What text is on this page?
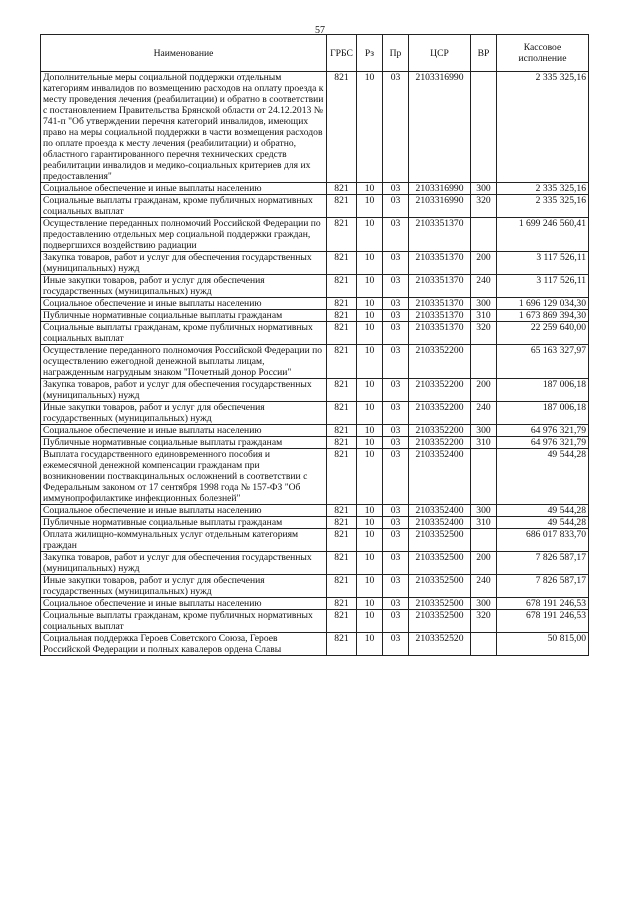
57
Наименование	ГРБС	Рз	Пр	ЦСР	ВР	Кассовое исполнение
Дополнительные меры социальной поддержки отдельным категориям инвалидов по возмещению расходов на оплату проезда к месту проведения лечения (реабилитации) и обратно в соответствии с постановлением Правительства Брянской области от 24.12.2013 № 741-п "Об утверждении перечня категорий инвалидов, имеющих право на меры социальной поддержки в части возмещения расходов по оплате проезда к месту лечения (реабилитации) и обратно, областного гарантированного перечня технических средств реабилитации инвалидов и медико-социальных критериев для их предоставления"	821	10	03	2103316990		2 335 325,16
Социальное обеспечение и иные выплаты населению	821	10	03	2103316990	300	2 335 325,16
Социальные выплаты гражданам, кроме публичных нормативных социальных выплат	821	10	03	2103316990	320	2 335 325,16
Осуществление переданных полномочий Российской Федерации по предоставлению отдельных мер социальной поддержки граждан, подвергшихся воздействию радиации	821	10	03	2103351370		1 699 246 560,41
Закупка товаров, работ и услуг для обеспечения государственных (муниципальных) нужд	821	10	03	2103351370	200	3 117 526,11
Иные закупки товаров, работ и услуг для обеспечения государственных (муниципальных) нужд	821	10	03	2103351370	240	3 117 526,11
Социальное обеспечение и иные выплаты населению	821	10	03	2103351370	300	1 696 129 034,30
Публичные нормативные социальные выплаты гражданам	821	10	03	2103351370	310	1 673 869 394,30
Социальные выплаты гражданам, кроме публичных нормативных социальных выплат	821	10	03	2103351370	320	22 259 640,00
Осуществление переданного полномочия Российской Федерации по осуществлению ежегодной денежной выплаты лицам, награжденным нагрудным знаком "Почетный донор России"	821	10	03	2103352200		65 163 327,97
Закупка товаров, работ и услуг для обеспечения государственных (муниципальных) нужд	821	10	03	2103352200	200	187 006,18
Иные закупки товаров, работ и услуг для обеспечения государственных (муниципальных) нужд	821	10	03	2103352200	240	187 006,18
Социальное обеспечение и иные выплаты населению	821	10	03	2103352200	300	64 976 321,79
Публичные нормативные социальные выплаты гражданам	821	10	03	2103352200	310	64 976 321,79
Выплата государственного единовременного пособия и ежемесячной денежной компенсации гражданам при возникновении поствакцинальных осложнений в соответствии с Федеральным законом от 17 сентября 1998 года № 157-ФЗ "Об иммунопрофилактике инфекционных болезней"	821	10	03	2103352400		49 544,28
Социальное обеспечение и иные выплаты населению	821	10	03	2103352400	300	49 544,28
Публичные нормативные социальные выплаты гражданам	821	10	03	2103352400	310	49 544,28
Оплата жилищно-коммунальных услуг отдельным категориям граждан	821	10	03	2103352500		686 017 833,70
Закупка товаров, работ и услуг для обеспечения государственных (муниципальных) нужд	821	10	03	2103352500	200	7 826 587,17
Иные закупки товаров, работ и услуг для обеспечения государственных (муниципальных) нужд	821	10	03	2103352500	240	7 826 587,17
Социальное обеспечение и иные выплаты населению	821	10	03	2103352500	300	678 191 246,53
Социальные выплаты гражданам, кроме публичных нормативных социальных выплат	821	10	03	2103352500	320	678 191 246,53
Социальная поддержка Героев Советского Союза, Героев Российской Федерации и полных кавалеров ордена Славы	821	10	03	2103352520		50 815,00
